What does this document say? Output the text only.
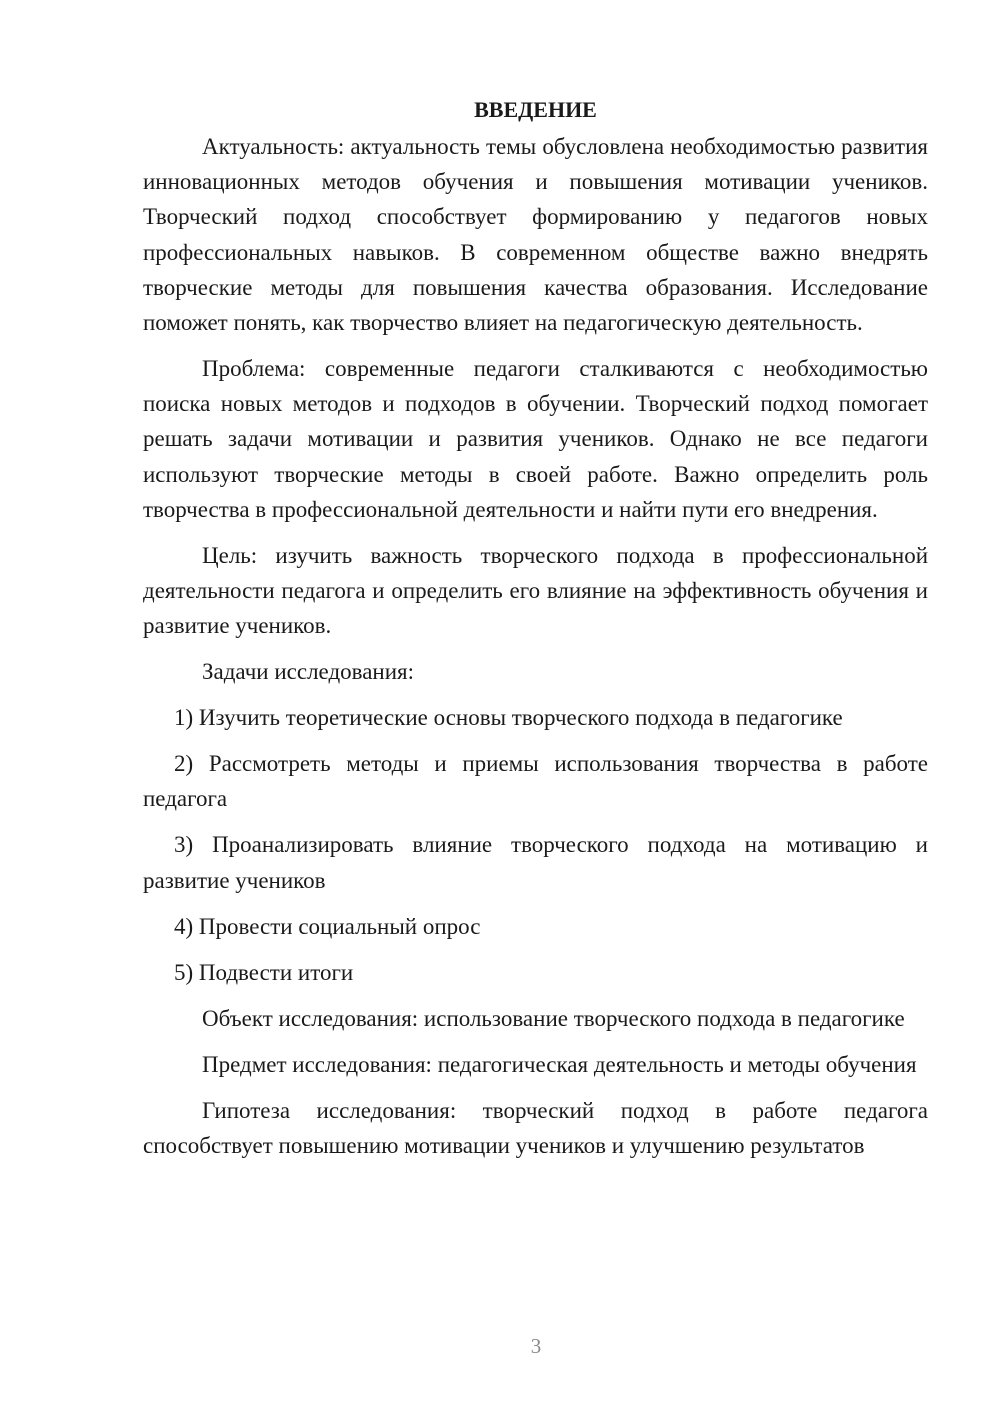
ВВЕДЕНИЕ

Актуальность: актуальность темы обусловлена необходимостью развития инновационных методов обучения и повышения мотивации учеников. Творческий подход способствует формированию у педагогов новых профессиональных навыков. В современном обществе важно внедрять творческие методы для повышения качества образования. Исследование поможет понять, как творчество влияет на педагогическую деятельность.

Проблема: современные педагоги сталкиваются с необходимостью поиска новых методов и подходов в обучении. Творческий подход помогает решать задачи мотивации и развития учеников. Однако не все педагоги используют творческие методы в своей работе. Важно определить роль творчества в профессиональной деятельности и найти пути его внедрения.

Цель: изучить важность творческого подхода в профессиональной деятельности педагога и определить его влияние на эффективность обучения и развитие учеников.

Задачи исследования:

1) Изучить теоретические основы творческого подхода в педагогике

2) Рассмотреть методы и приемы использования творчества в работе педагога

3) Проанализировать влияние творческого подхода на мотивацию и развитие учеников

4) Провести социальный опрос

5) Подвести итоги

Объект исследования: использование творческого подхода в педагогике

Предмет исследования: педагогическая деятельность и методы обучения

Гипотеза исследования: творческий подход в работе педагога способствует повышению мотивации учеников и улучшению результатов

3
